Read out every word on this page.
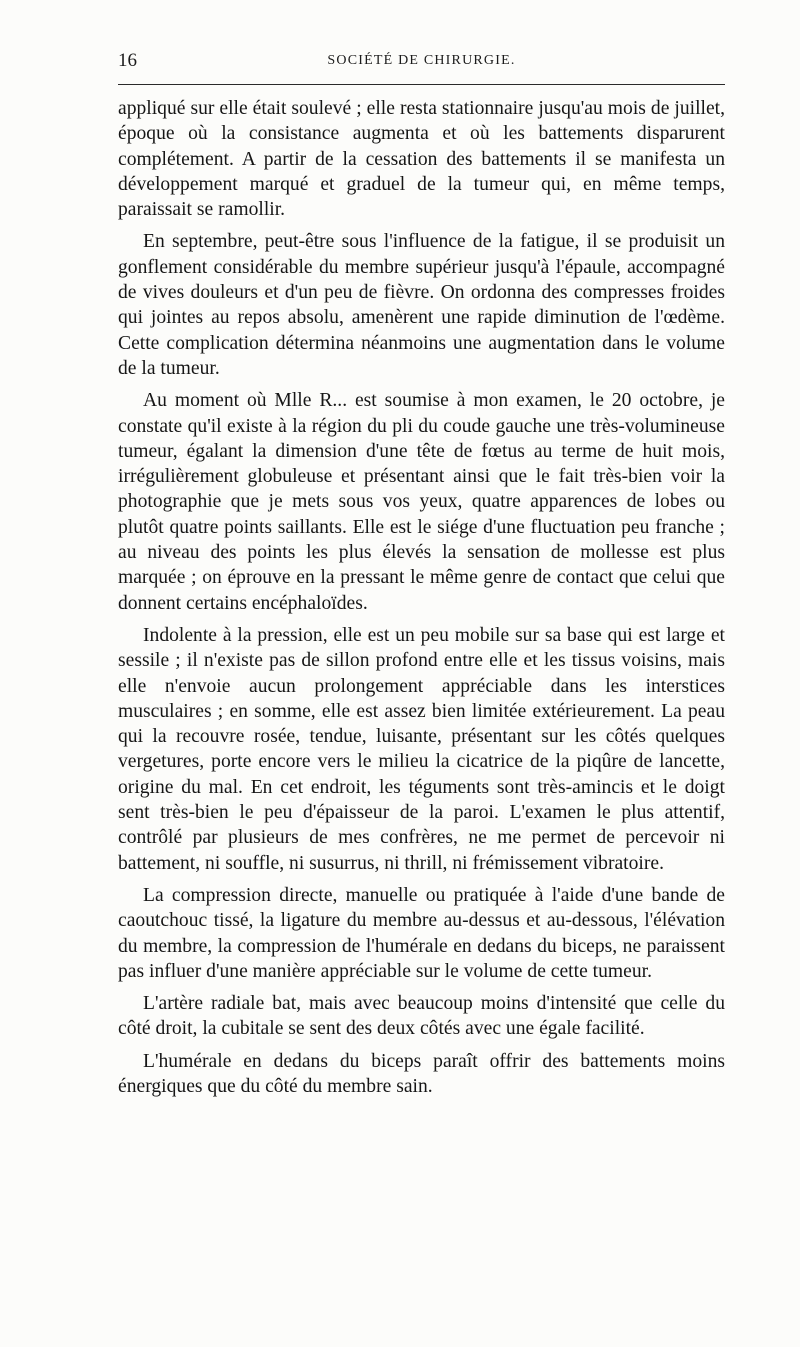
16	SOCIÉTÉ DE CHIRURGIE.

appliqué sur elle était soulevé ; elle resta stationnaire jusqu'au mois de juillet, époque où la consistance augmenta et où les battements disparurent complétement. A partir de la cessation des battements il se manifesta un développement marqué et graduel de la tumeur qui, en même temps, paraissait se ramollir.

En septembre, peut-être sous l'influence de la fatigue, il se produisit un gonflement considérable du membre supérieur jusqu'à l'épaule, accompagné de vives douleurs et d'un peu de fièvre. On ordonna des compresses froides qui jointes au repos absolu, amenèrent une rapide diminution de l'œdème. Cette complication détermina néanmoins une augmentation dans le volume de la tumeur.

Au moment où Mlle R... est soumise à mon examen, le 20 octobre, je constate qu'il existe à la région du pli du coude gauche une très-volumineuse tumeur, égalant la dimension d'une tête de fœtus au terme de huit mois, irrégulièrement globuleuse et présentant ainsi que le fait très-bien voir la photographie que je mets sous vos yeux, quatre apparences de lobes ou plutôt quatre points saillants. Elle est le siége d'une fluctuation peu franche ; au niveau des points les plus élevés la sensation de mollesse est plus marquée ; on éprouve en la pressant le même genre de contact que celui que donnent certains encéphaloïdes.

Indolente à la pression, elle est un peu mobile sur sa base qui est large et sessile ; il n'existe pas de sillon profond entre elle et les tissus voisins, mais elle n'envoie aucun prolongement appréciable dans les interstices musculaires ; en somme, elle est assez bien limitée extérieurement. La peau qui la recouvre rosée, tendue, luisante, présentant sur les côtés quelques vergetures, porte encore vers le milieu la cicatrice de la piqûre de lancette, origine du mal. En cet endroit, les téguments sont très-amincis et le doigt sent très-bien le peu d'épaisseur de la paroi. L'examen le plus attentif, contrôlé par plusieurs de mes confrères, ne me permet de percevoir ni battement, ni souffle, ni susurrus, ni thrill, ni frémissement vibratoire.

La compression directe, manuelle ou pratiquée à l'aide d'une bande de caoutchouc tissé, la ligature du membre au-dessus et au-dessous, l'élévation du membre, la compression de l'humérale en dedans du biceps, ne paraissent pas influer d'une manière appréciable sur le volume de cette tumeur.

L'artère radiale bat, mais avec beaucoup moins d'intensité que celle du côté droit, la cubitale se sent des deux côtés avec une égale facilité.

L'humérale en dedans du biceps paraît offrir des battements moins énergiques que du côté du membre sain.
